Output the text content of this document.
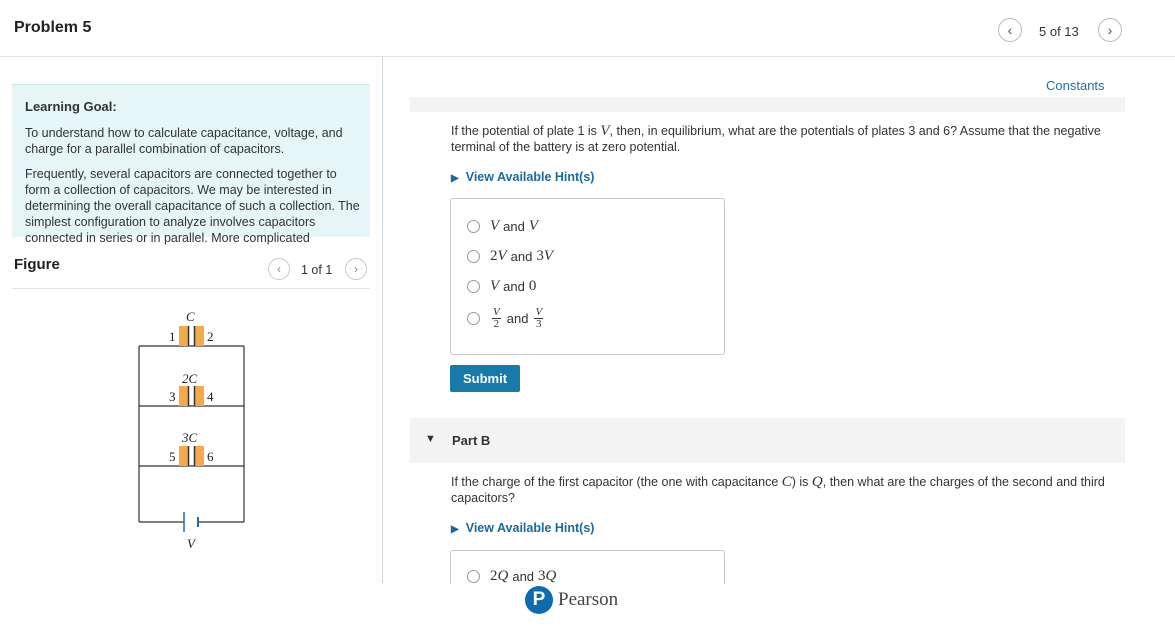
Problem 5	‹ 5 of 13 ›
Learning Goal:

To understand how to calculate capacitance, voltage, and charge for a parallel combination of capacitors.

Frequently, several capacitors are connected together to form a collection of capacitors. We may be interested in determining the overall capacitance of such a collection. The simplest configuration to analyze involves capacitors connected in series or in parallel. More complicated

Figure	‹ 1 of 1 ›
C
1 2
2C
3 4
3C
5 6
V
Constants
If the potential of plate 1 is V, then, in equilibrium, what are the potentials of plates 3 and 6? Assume that the negative terminal of the battery is at zero potential.
▶ View Available Hint(s)
V and V
2 V and 3 V
V and 0
$\frac{V}{2}$ and $\frac{V}{3}$
Submit
▼ Part B
If the charge of the first capacitor (the one with capacitance C) is Q, then what are the charges of the second and third capacitors?
▶ View Available Hint(s)
2 Q and 3 Q
P Pearson
